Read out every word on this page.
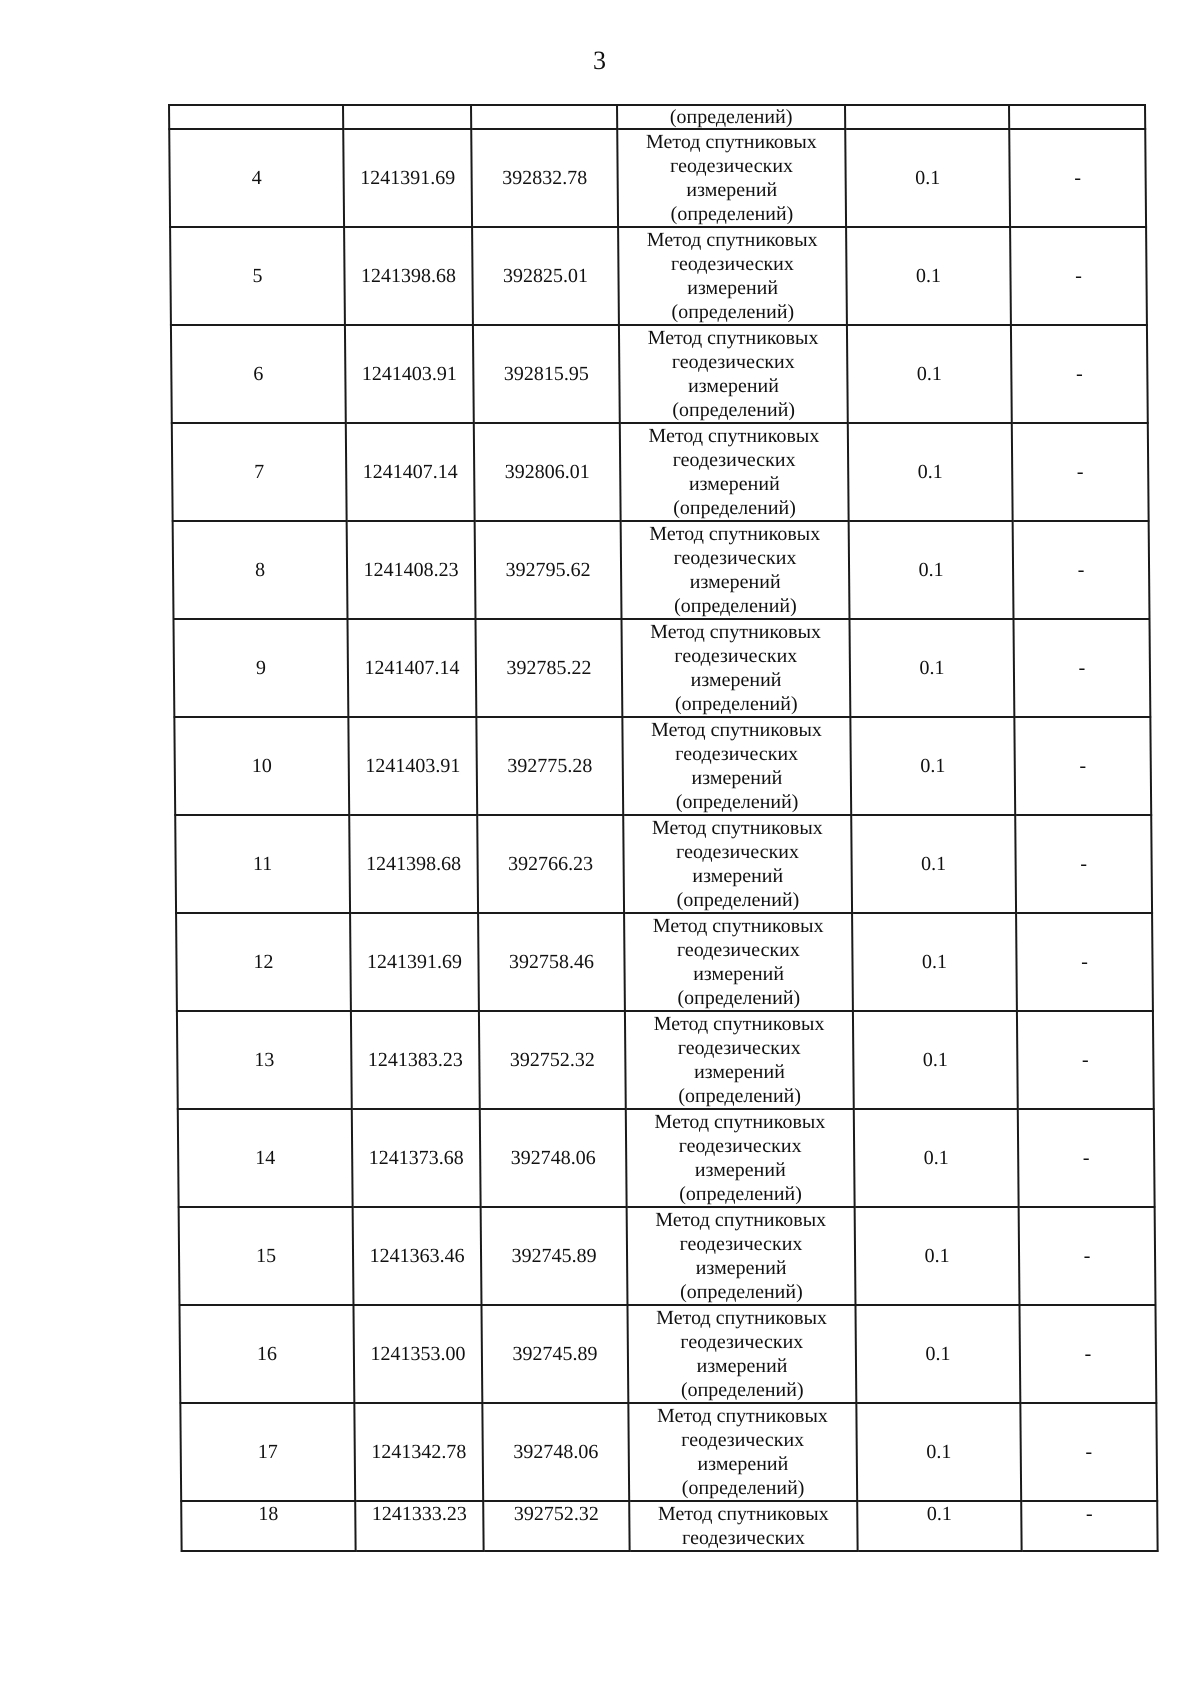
3
			(определений)		
4	1241391.69	392832.78	Метод спутниковых
геодезических
измерений
(определений)	0.1	-
5	1241398.68	392825.01	Метод спутниковых
геодезических
измерений
(определений)	0.1	-
6	1241403.91	392815.95	Метод спутниковых
геодезических
измерений
(определений)	0.1	-
7	1241407.14	392806.01	Метод спутниковых
геодезических
измерений
(определений)	0.1	-
8	1241408.23	392795.62	Метод спутниковых
геодезических
измерений
(определений)	0.1	-
9	1241407.14	392785.22	Метод спутниковых
геодезических
измерений
(определений)	0.1	-
10	1241403.91	392775.28	Метод спутниковых
геодезических
измерений
(определений)	0.1	-
11	1241398.68	392766.23	Метод спутниковых
геодезических
измерений
(определений)	0.1	-
12	1241391.69	392758.46	Метод спутниковых
геодезических
измерений
(определений)	0.1	-
13	1241383.23	392752.32	Метод спутниковых
геодезических
измерений
(определений)	0.1	-
14	1241373.68	392748.06	Метод спутниковых
геодезических
измерений
(определений)	0.1	-
15	1241363.46	392745.89	Метод спутниковых
геодезических
измерений
(определений)	0.1	-
16	1241353.00	392745.89	Метод спутниковых
геодезических
измерений
(определений)	0.1	-
17	1241342.78	392748.06	Метод спутниковых
геодезических
измерений
(определений)	0.1	-
18	1241333.23	392752.32	Метод спутниковых
геодезических	0.1	-
